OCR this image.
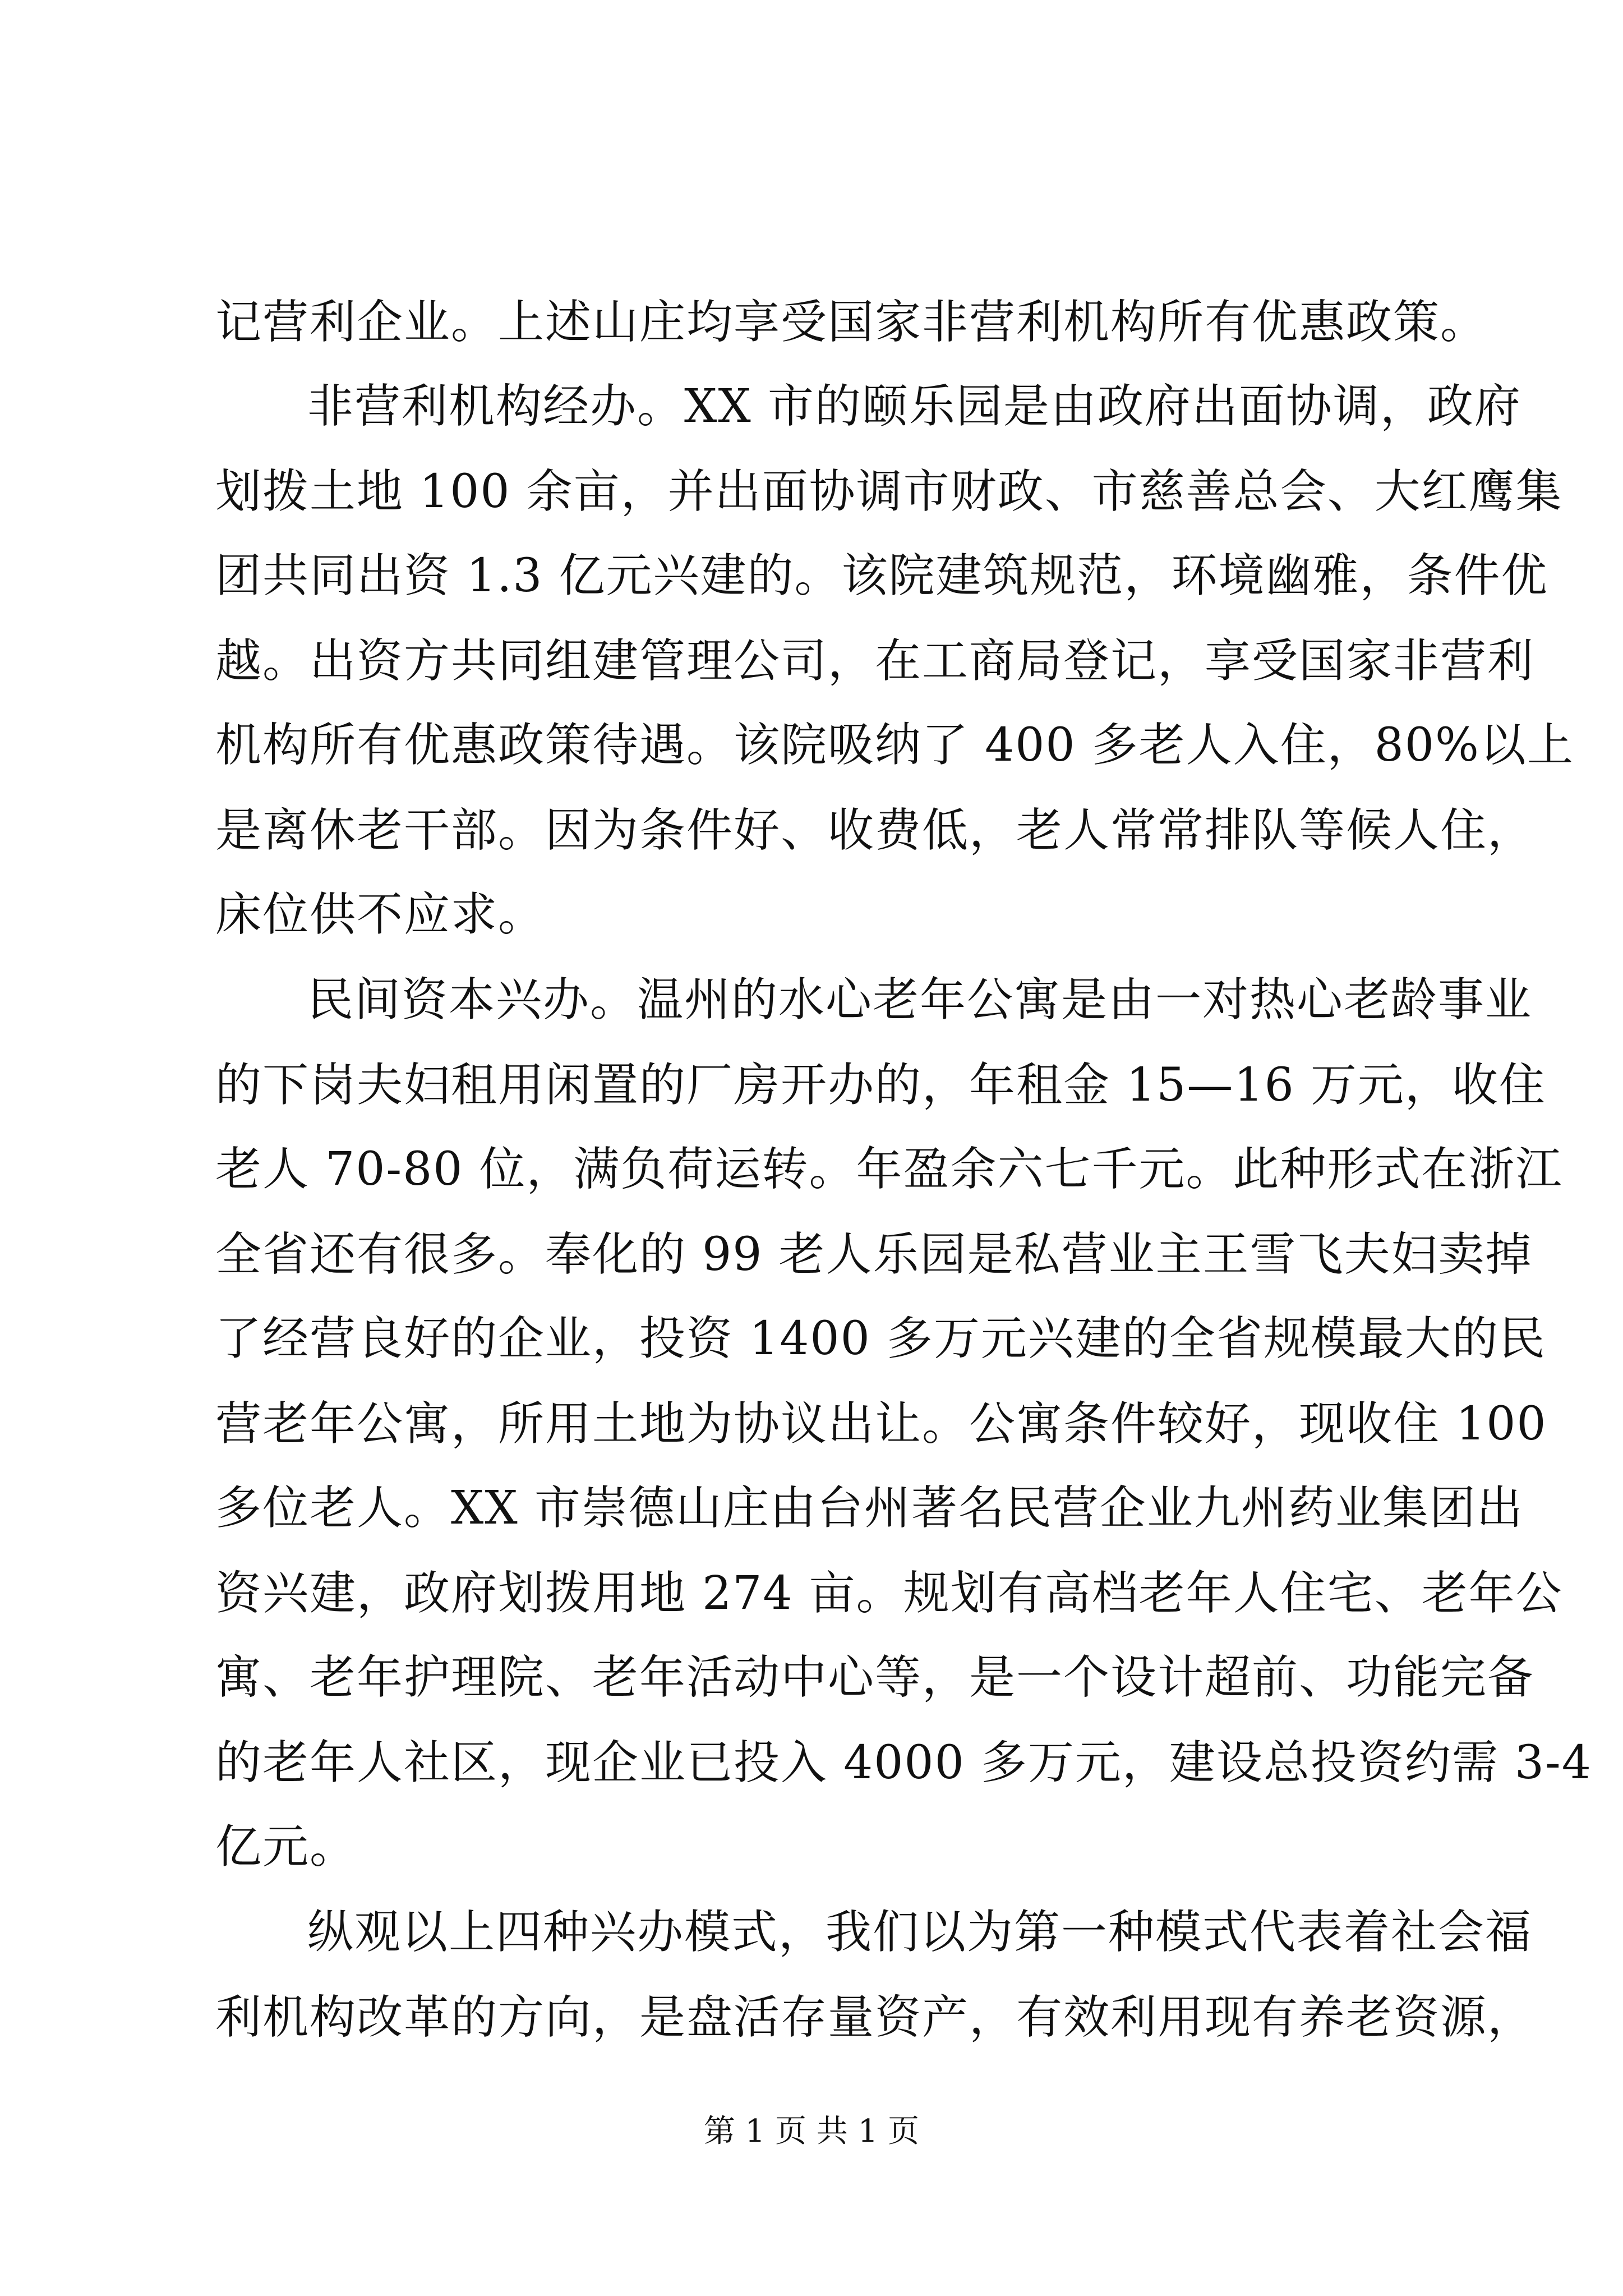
记营利企业。上述山庄均享受国家非营利机构所有优惠政策。
非营利机构经办。XX 市的颐乐园是由政府出面协调，政府
划拨土地 100 余亩，并出面协调市财政、市慈善总会、大红鹰集
团共同出资 1.3 亿元兴建的。该院建筑规范，环境幽雅，条件优
越。出资方共同组建管理公司，在工商局登记，享受国家非营利
机构所有优惠政策待遇。该院吸纳了 400 多老人入住，80%以上
是离休老干部。因为条件好、收费低，老人常常排队等候人住，
床位供不应求。
民间资本兴办。温州的水心老年公寓是由一对热心老龄事业
的下岗夫妇租用闲置的厂房开办的，年租金 15—16 万元，收住
老人 70-80 位，满负荷运转。年盈余六七千元。此种形式在浙江
全省还有很多。奉化的 99 老人乐园是私营业主王雪飞夫妇卖掉
了经营良好的企业，投资 1400 多万元兴建的全省规模最大的民
营老年公寓，所用土地为协议出让。公寓条件较好，现收住 100
多位老人。XX 市崇德山庄由台州著名民营企业九州药业集团出
资兴建，政府划拨用地 274 亩。规划有高档老年人住宅、老年公
寓、老年护理院、老年活动中心等，是一个设计超前、功能完备
的老年人社区，现企业已投入 4000 多万元，建设总投资约需 3-4
亿元。
纵观以上四种兴办模式，我们以为第一种模式代表着社会福
利机构改革的方向，是盘活存量资产，有效利用现有养老资源，
第 1 页 共 1 页
